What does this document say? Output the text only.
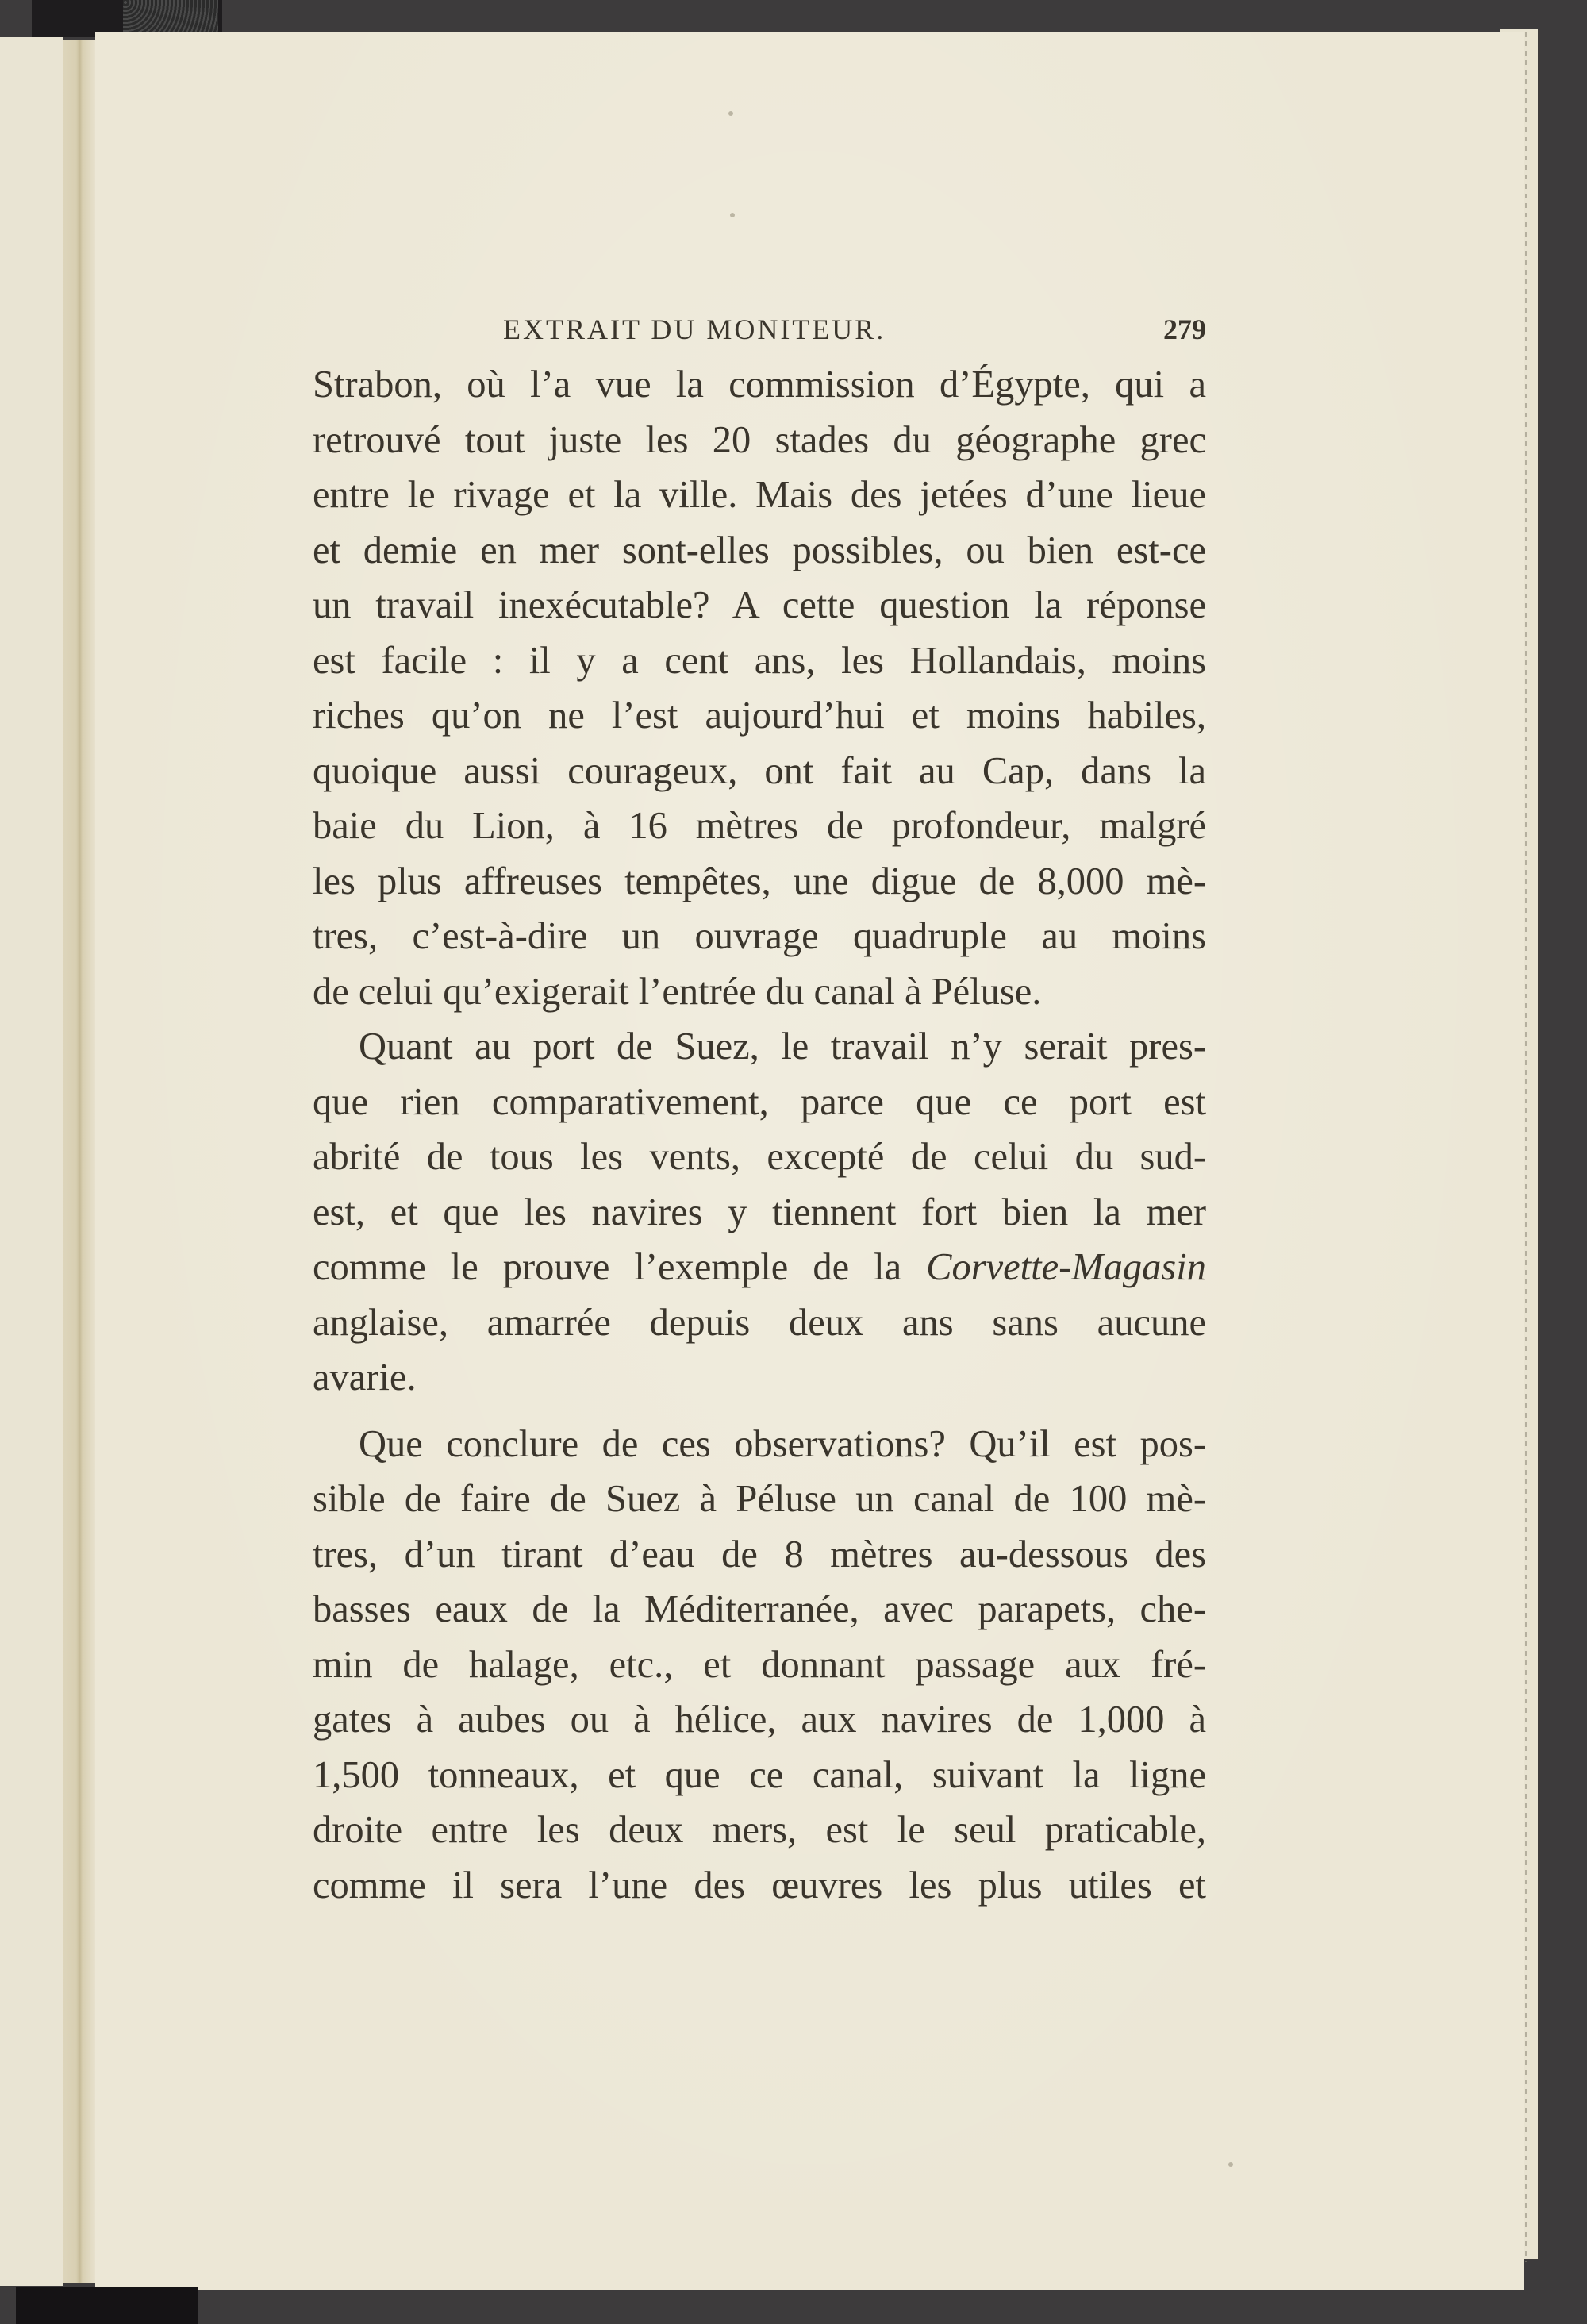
EXTRAIT DU MONITEUR.	279
Strabon, où l’a vue la commission d’Égypte, qui a
retrouvé tout juste les 20 stades du géographe grec
entre le rivage et la ville. Mais des jetées d’une lieue
et demie en mer sont-elles possibles, ou bien est-ce
un travail inexécutable? A cette question la réponse
est facile : il y a cent ans, les Hollandais, moins
riches qu’on ne l’est aujourd’hui et moins habiles,
quoique aussi courageux, ont fait au Cap, dans la
baie du Lion, à 16 mètres de profondeur, malgré
les plus affreuses tempêtes, une digue de 8,000 mè-
tres, c’est-à-dire un ouvrage quadruple au moins
de celui qu’exigerait l’entrée du canal à Péluse.
Quant au port de Suez, le travail n’y serait pres-
que rien comparativement, parce que ce port est
abrité de tous les vents, excepté de celui du sud-
est, et que les navires y tiennent fort bien la mer
comme le prouve l’exemple de la Corvette-Magasin
anglaise, amarrée depuis deux ans sans aucune
avarie.
Que conclure de ces observations? Qu’il est pos-
sible de faire de Suez à Péluse un canal de 100 mè-
tres, d’un tirant d’eau de 8 mètres au-dessous des
basses eaux de la Méditerranée, avec parapets, che-
min de halage, etc., et donnant passage aux fré-
gates à aubes ou à hélice, aux navires de 1,000 à
1,500 tonneaux, et que ce canal, suivant la ligne
droite entre les deux mers, est le seul praticable,
comme il sera l’une des œuvres les plus utiles et
